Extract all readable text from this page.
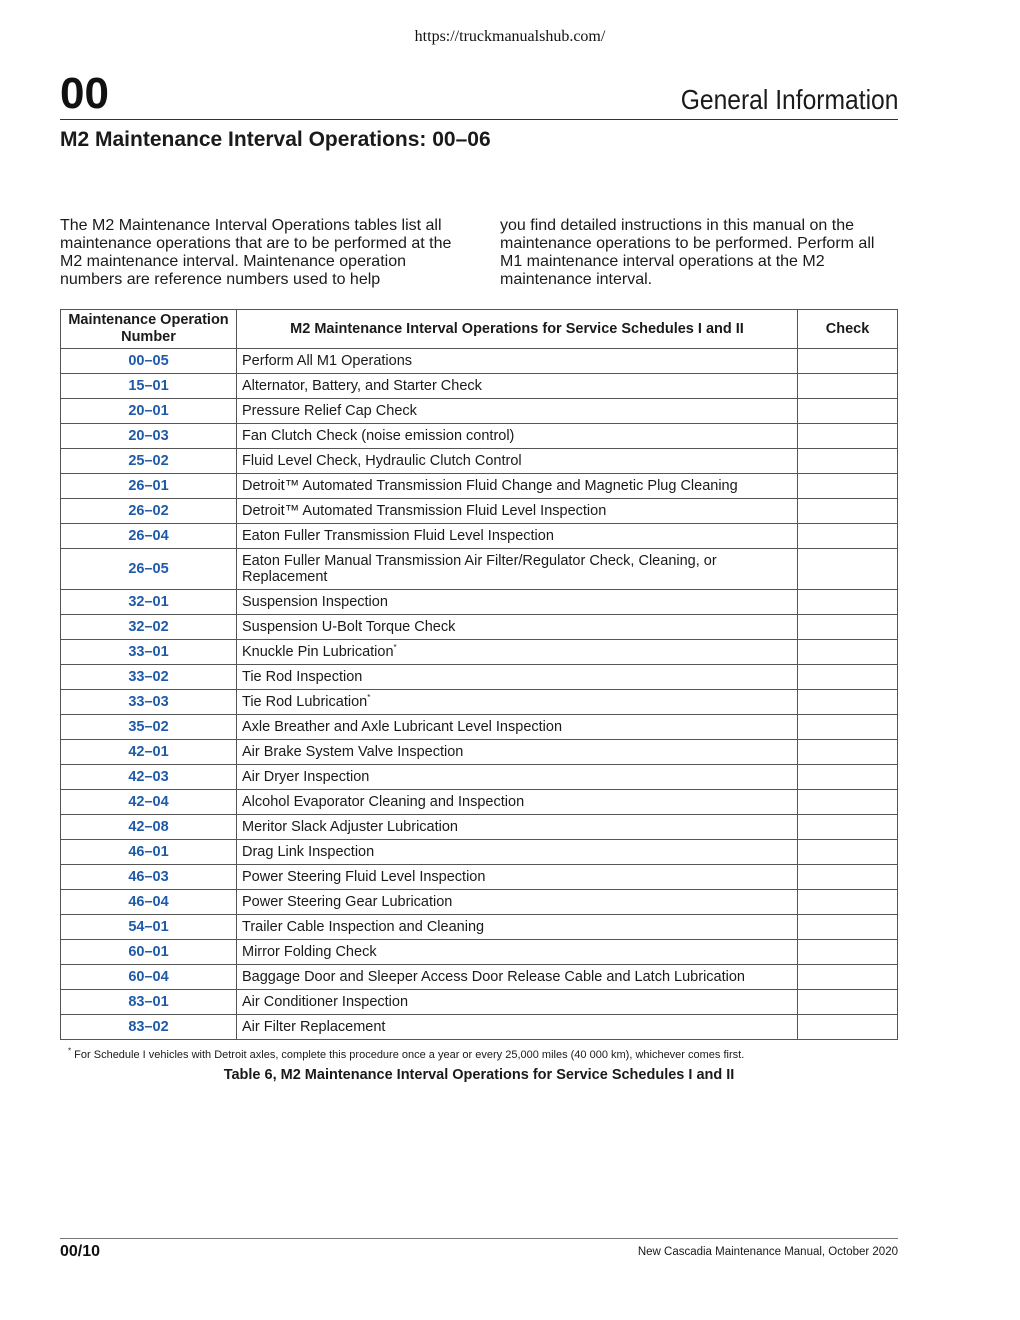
https://truckmanualshub.com/
00	General Information
M2 Maintenance Interval Operations: 00–06

The M2 Maintenance Interval Operations tables list all maintenance operations that are to be performed at the M2 maintenance interval. Maintenance operation numbers are reference numbers used to help

you find detailed instructions in this manual on the maintenance operations to be performed. Perform all M1 maintenance interval operations at the M2 maintenance interval.

Maintenance Operation Number	M2 Maintenance Interval Operations for Service Schedules I and II	Check
00–05	Perform All M1 Operations	
15–01	Alternator, Battery, and Starter Check	
20–01	Pressure Relief Cap Check	
20–03	Fan Clutch Check (noise emission control)	
25–02	Fluid Level Check, Hydraulic Clutch Control	
26–01	Detroit™ Automated Transmission Fluid Change and Magnetic Plug Cleaning	
26–02	Detroit™ Automated Transmission Fluid Level Inspection	
26–04	Eaton Fuller Transmission Fluid Level Inspection	
26–05	Eaton Fuller Manual Transmission Air Filter/Regulator Check, Cleaning, or Replacement	
32–01	Suspension Inspection	
32–02	Suspension U-Bolt Torque Check	
33–01	Knuckle Pin Lubrication*	
33–02	Tie Rod Inspection	
33–03	Tie Rod Lubrication*	
35–02	Axle Breather and Axle Lubricant Level Inspection	
42–01	Air Brake System Valve Inspection	
42–03	Air Dryer Inspection	
42–04	Alcohol Evaporator Cleaning and Inspection	
42–08	Meritor Slack Adjuster Lubrication	
46–01	Drag Link Inspection	
46–03	Power Steering Fluid Level Inspection	
46–04	Power Steering Gear Lubrication	
54–01	Trailer Cable Inspection and Cleaning	
60–01	Mirror Folding Check	
60–04	Baggage Door and Sleeper Access Door Release Cable and Latch Lubrication	
83–01	Air Conditioner Inspection	
83–02	Air Filter Replacement	
* For Schedule I vehicles with Detroit axles, complete this procedure once a year or every 25,000 miles (40 000 km), whichever comes first.
Table 6, M2 Maintenance Interval Operations for Service Schedules I and II
00/10	New Cascadia Maintenance Manual, October 2020
